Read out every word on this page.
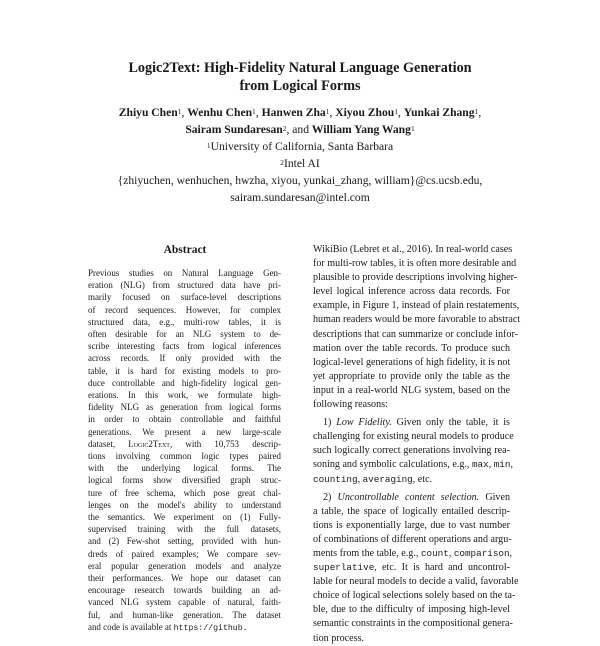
Logic2Text: High-Fidelity Natural Language Generation
from Logical Forms
Zhiyu Chen$^1$, Wenhu Chen$^1$, Hanwen Zha$^1$, Xiyou Zhou$^1$, Yunkai Zhang$^1$,
Sairam Sundaresan$^2$, and William Yang Wang$^1$
$^1$University of California, Santa Barbara
$^2$Intel AI
{zhiyuchen, wenhuchen, hwzha, xiyou, yunkai_zhang, william}@cs.ucsb.edu,
sairam.sundaresan@intel.com
Abstract
Previous studies on Natural Language Gen-
eration (NLG) from structured data have pri-
marily focused on surface-level descriptions
of record sequences. However, for complex
structured data, e.g., multi-row tables, it is
often desirable for an NLG system to de-
scribe interesting facts from logical inferences
across records. If only provided with the
table, it is hard for existing models to pro-
duce controllable and high-fidelity logical gen-
erations. In this work, we formulate high-
fidelity NLG as generation from logical forms
in order to obtain controllable and faithful
generations. We present a new large-scale
dataset, Logic2Text, with 10,753 descrip-
tions involving common logic types paired
with the underlying logical forms. The
logical forms show diversified graph struc-
ture of free schema, which pose great chal-
lenges on the model's ability to understand
the semantics. We experiment on (1) Fully-
supervised training with the full datasets,
and (2) Few-shot setting, provided with hun-
dreds of paired examples; We compare sev-
eral popular generation models and analyze
their performances. We hope our dataset can
encourage research towards building an ad-
vanced NLG system capable of natural, faith-
ful, and human-like generation. The dataset
and code is available at https://github.
WikiBio (Lebret et al., 2016). In real-world cases
for multi-row tables, it is often more desirable and
plausible to provide descriptions involving higher-
level logical inference across data records. For
example, in Figure 1, instead of plain restatements,
human readers would be more favorable to abstract
descriptions that can summarize or conclude infor-
mation over the table records. To produce such
logical-level generations of high fidelity, it is not
yet appropriate to provide only the table as the
input in a real-world NLG system, based on the
following reasons:
1) Low Fidelity. Given only the table, it is
challenging for existing neural models to produce
such logically correct generations involving rea-
soning and symbolic calculations, e.g., max, min,
counting, averaging, etc.
2) Uncontrollable content selection. Given
a table, the space of logically entailed descrip-
tions is exponentially large, due to vast number
of combinations of different operations and argu-
ments from the table, e.g., count, comparison,
superlative, etc. It is hard and uncontrol-
lable for neural models to decide a valid, favorable
choice of logical selections solely based on the ta-
ble, due to the difficulty of imposing high-level
semantic constraints in the compositional genera-
tion process.
